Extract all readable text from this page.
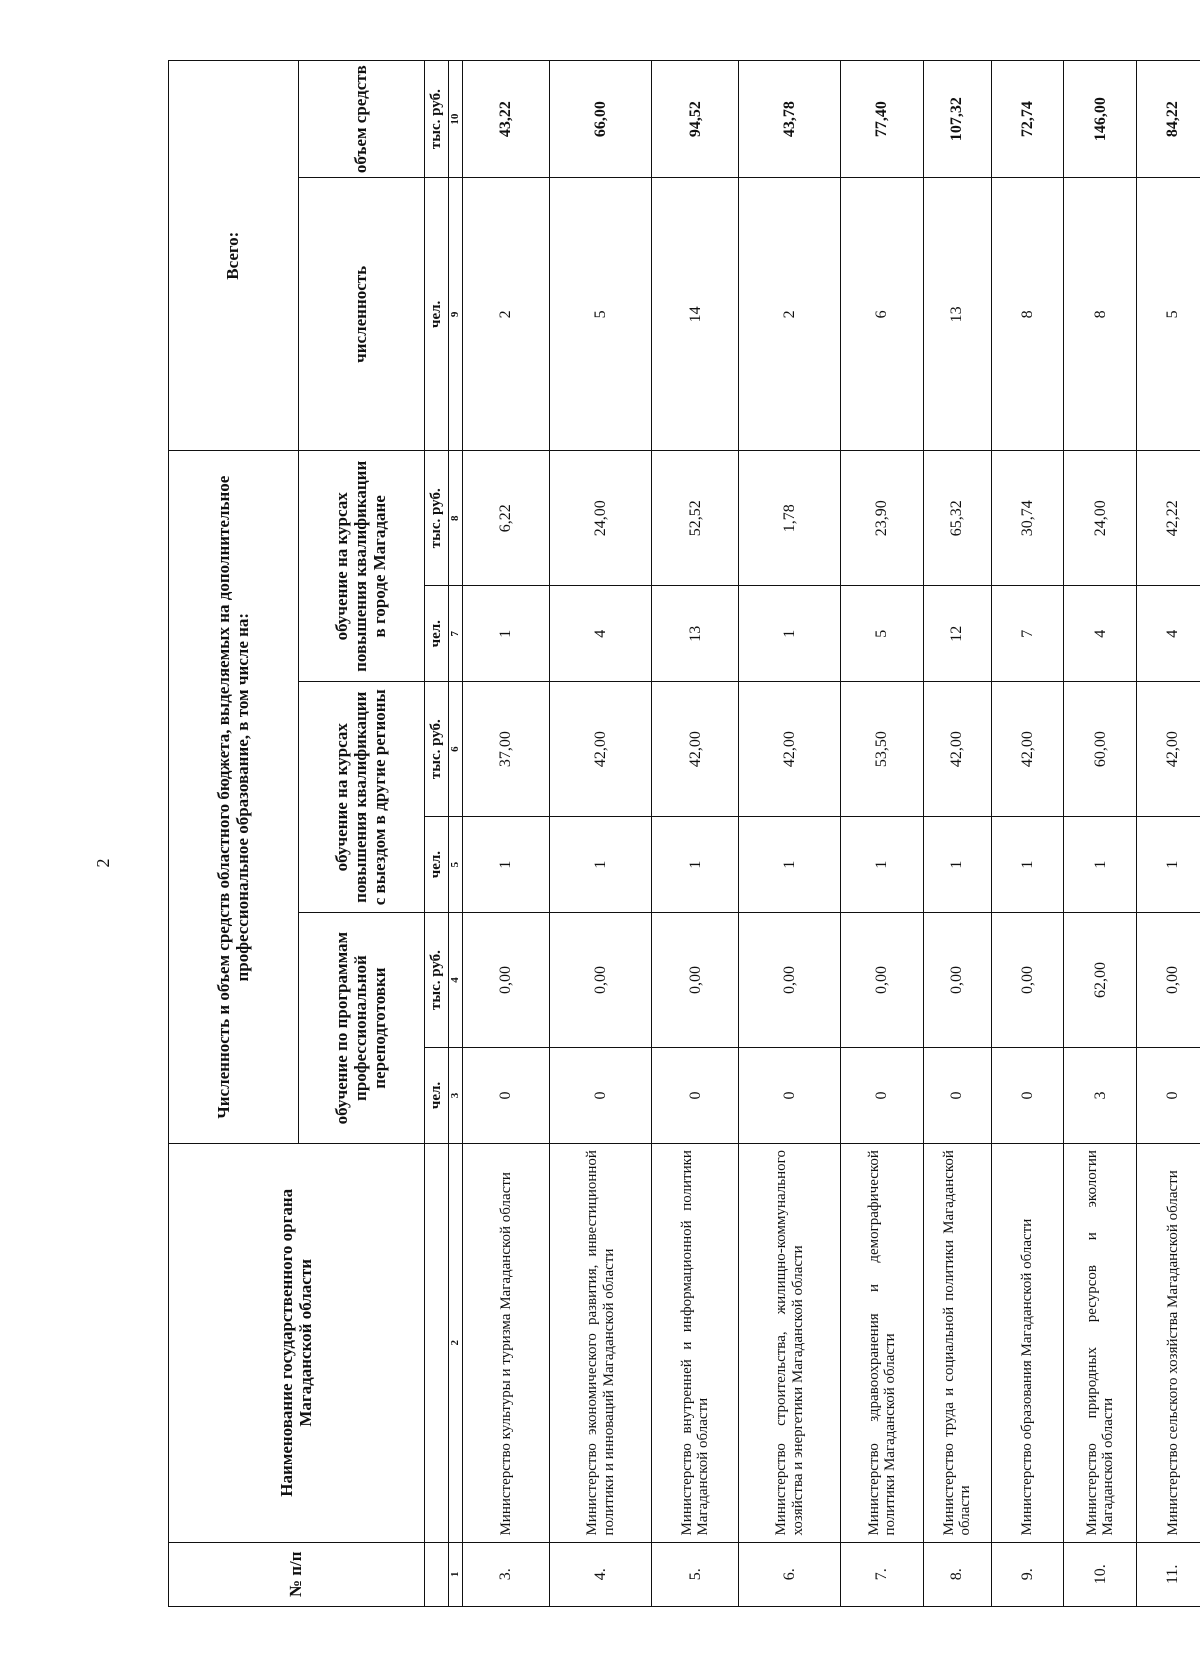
2
№ п/п	Наименование государственного органа Магаданской области	Численность и объем средств областного бюджета, выделяемых на дополнительное профессиональное образование, в том числе на:						Всего:	
		обучение по программам профессиональной переподготовки		обучение на курсах повышения квалификации с выездом в другие регионы		обучение на курсах повышения квалификации в городе Магадане		численность	объем средств
		чел.	тыс. руб.	чел.	тыс. руб.	чел.	тыс. руб.	чел.	тыс. руб.
1	2	3	4	5	6	7	8	9	10
3.	Министерство культуры и туризма Магаданской области	0	0,00	1	37,00	1	6,22	2	43,22
4.	Министерство экономического развития, инвестиционной политики и инноваций Магаданской области	0	0,00	1	42,00	4	24,00	5	66,00
5.	Министерство внутренней и информационной политики Магаданской области	0	0,00	1	42,00	13	52,52	14	94,52
6.	Министерство строительства, жилищно-коммунального хозяйства и энергетики Магаданской области	0	0,00	1	42,00	1	1,78	2	43,78
7.	Министерство здравоохранения и демографической политики Магаданской области	0	0,00	1	53,50	5	23,90	6	77,40
8.	Министерство труда и социальной политики Магаданской области	0	0,00	1	42,00	12	65,32	13	107,32
9.	Министерство образования Магаданской области	0	0,00	1	42,00	7	30,74	8	72,74
10.	Министерство природных ресурсов и экологии Магаданской области	3	62,00	1	60,00	4	24,00	8	146,00
11.	Министерство сельского хозяйства Магаданской области	0	0,00	1	42,00	4	42,22	5	84,22
